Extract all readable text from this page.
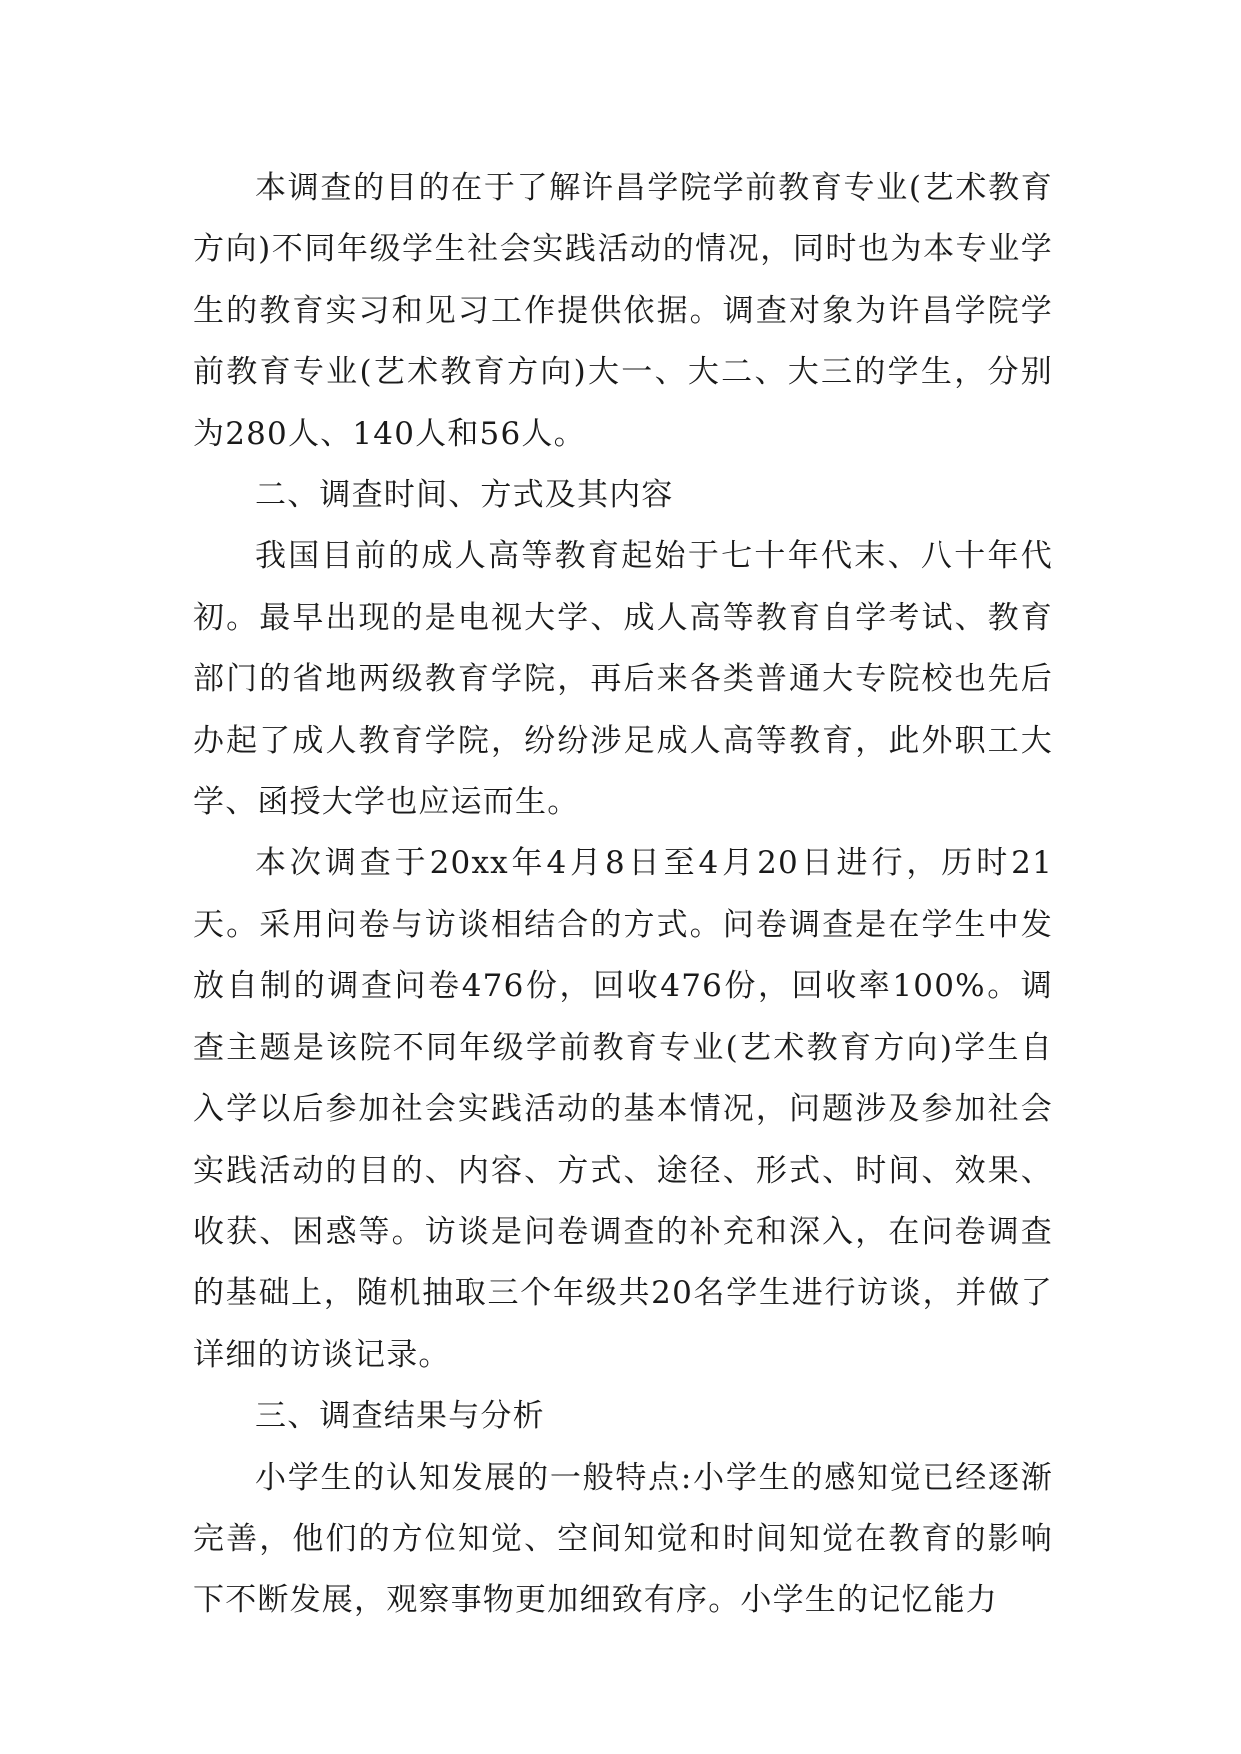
本调查的目的在于了解许昌学院学前教育专业(艺术教育方向)不同年级学生社会实践活动的情况，同时也为本专业学生的教育实习和见习工作提供依据。调查对象为许昌学院学前教育专业(艺术教育方向)大一、大二、大三的学生，分别为280人、140人和56人。

二、调查时间、方式及其内容

我国目前的成人高等教育起始于七十年代末、八十年代初。最早出现的是电视大学、成人高等教育自学考试、教育部门的省地两级教育学院，再后来各类普通大专院校也先后办起了成人教育学院，纷纷涉足成人高等教育，此外职工大学、函授大学也应运而生。

本次调查于20xx年4月8日至4月20日进行，历时21天。采用问卷与访谈相结合的方式。问卷调查是在学生中发放自制的调查问卷476份，回收476份，回收率100%。调查主题是该院不同年级学前教育专业(艺术教育方向)学生自入学以后参加社会实践活动的基本情况，问题涉及参加社会实践活动的目的、内容、方式、途径、形式、时间、效果、收获、困惑等。访谈是问卷调查的补充和深入，在问卷调查的基础上，随机抽取三个年级共20名学生进行访谈，并做了详细的访谈记录。

三、调查结果与分析

小学生的认知发展的一般特点:小学生的感知觉已经逐渐完善，他们的方位知觉、空间知觉和时间知觉在教育的影响下不断发展，观察事物更加细致有序。小学生的记忆能力
